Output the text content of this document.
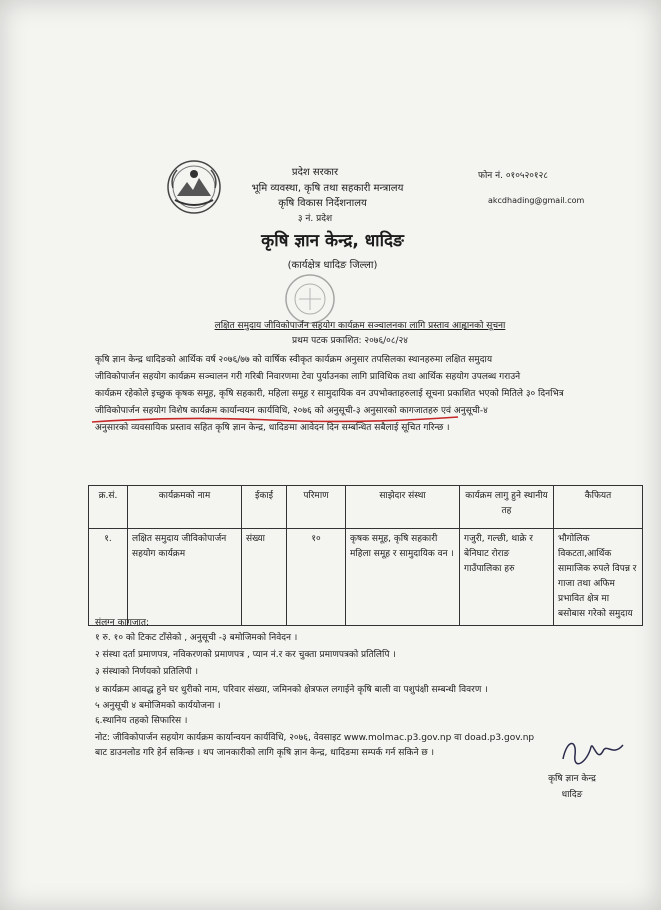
प्रदेश सरकार
भूमि व्यवस्था, कृषि तथा सहकारी मन्त्रालय
कृषि विकास निर्देशनालय
३ नं. प्रदेश
कृषि ज्ञान केन्द्र, धादिङ
(कार्यक्षेत्र धादिङ जिल्ला)
फोन नं. ०१०५२०१२८
akcdhading@gmail.com
लक्षित समुदाय जीविकोपार्जन सहयोग कार्यक्रम सञ्चालनका लागि प्रस्ताव आह्वानको सूचना
प्रथम पटक प्रकाशित: २०७६/०८/२४
कृषि ज्ञान केन्द्र धादिङको आर्थिक वर्ष २०७६/७७ को वार्षिक स्वीकृत कार्यक्रम अनुसार तपसिलका स्थानहरुमा लक्षित समुदाय
जीविकोपार्जन सहयोग कार्यक्रम सञ्चालन गरी गरिबी निवारणमा टेवा पुर्याउनका लागि प्राविधिक तथा आर्थिक सहयोग उपलब्ध गराउने
कार्यक्रम रहेकोले इच्छुक कृषक समूह, कृषि सहकारी, महिला समूह र सामुदायिक वन उपभोक्ताहरुलाई सूचना प्रकाशित भएको मितिले ३० दिनभित्र
जीविकोपार्जन सहयोग विशेष कार्यक्रम कार्यान्वयन कार्यविधि, २०७६ को अनुसूची-३ अनुसारको कागजातहरु एवं अनुसूची-४
अनुसारको व्यवसायिक प्रस्ताव सहित कृषि ज्ञान केन्द्र, धादिङमा आवेदन दिन सम्बन्धित सबैलाई सूचित गरिन्छ ।
क्र.सं.	कार्यक्रमको नाम	ईकाई	परिमाण	साझेदार संस्था	कार्यक्रम लागु हुने स्थानीय तह	कैफियत
१.	लक्षित समुदाय जीविकोपार्जन सहयोग कार्यक्रम	संख्या	१०	कृषक समूह, कृषि सहकारी महिला समूह र सामुदायिक वन ।	गजुरी, गल्छी, थाक्रे र बेनिघाट रोराङ गाउँपालिका हरु	भौगोलिक विकटता,आर्थिक सामाजिक रुपले विपन्न र गाजा तथा अफिम प्रभावित क्षेत्र मा बसोबास गरेको समुदाय
संलग्न कागजात:
१ रु. १० को टिकट टाँसेको , अनुसूची -३ बमोजिमको निवेदन ।
२ संस्था दर्ता प्रमाणपत्र, नविकरणको प्रमाणपत्र , प्यान नं.र कर चुक्ता प्रमाणपत्रको प्रतिलिपि ।
३ संस्थाको निर्णयको प्रतिलिपी ।
४ कार्यक्रम आवद्ध हुने घर धुरीको नाम, परिवार संख्या, जमिनको क्षेत्रफल लगाईने कृषि बाली वा पशुपंक्षी सम्बन्धी विवरण ।
५ अनुसूची ४ बमोजिमको कार्ययोजना ।
६.स्थानिय तहको सिफारिस ।
नोट: जीविकोपार्जन सहयोग कार्यक्रम कार्यान्वयन कार्यविधि, २०७६, वेवसाइट www.molmac.p3.gov.np वा doad.p3.gov.np
बाट डाउनलोड गरि हेर्न सकिन्छ । थप जानकारीको लागि कृषि ज्ञान केन्द्र, धादिङमा सम्पर्क गर्न सकिने छ ।
कृषि ज्ञान केन्द्र
धादिङ
